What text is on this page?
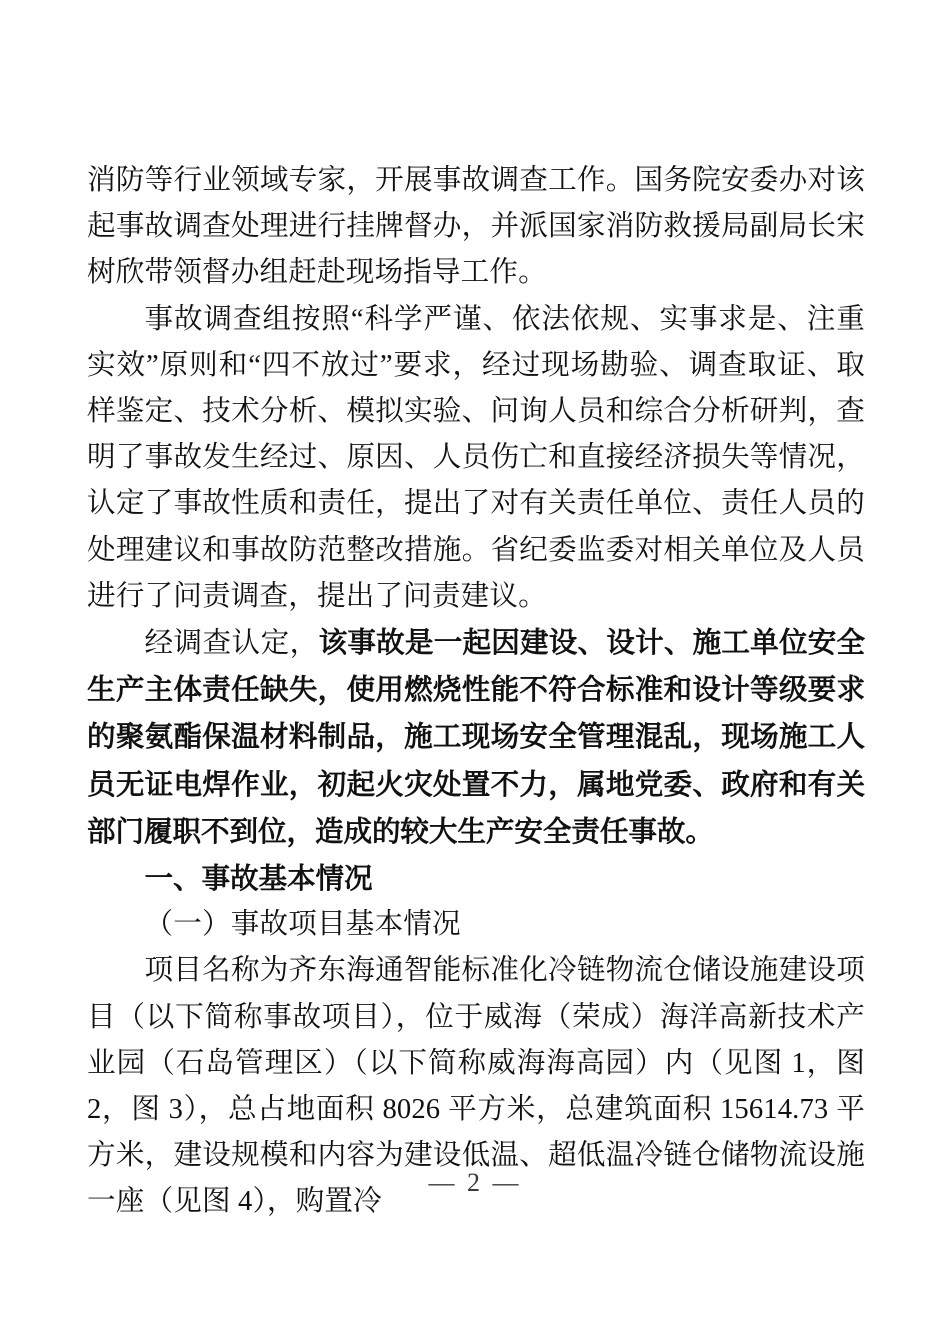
消防等行业领域专家，开展事故调查工作。国务院安委办对该起事故调查处理进行挂牌督办，并派国家消防救援局副局长宋树欣带领督办组赶赴现场指导工作。

事故调查组按照“科学严谨、依法依规、实事求是、注重实效”原则和“四不放过”要求，经过现场勘验、调查取证、取样鉴定、技术分析、模拟实验、问询人员和综合分析研判，查明了事故发生经过、原因、人员伤亡和直接经济损失等情况，认定了事故性质和责任，提出了对有关责任单位、责任人员的处理建议和事故防范整改措施。省纪委监委对相关单位及人员进行了问责调查，提出了问责建议。

经调查认定，该事故是一起因建设、设计、施工单位安全生产主体责任缺失，使用燃烧性能不符合标准和设计等级要求的聚氨酯保温材料制品，施工现场安全管理混乱，现场施工人员无证电焊作业，初起火灾处置不力，属地党委、政府和有关部门履职不到位，造成的较大生产安全责任事故。

一、事故基本情况

（一）事故项目基本情况

项目名称为齐东海通智能标准化冷链物流仓储设施建设项目（以下简称事故项目），位于威海（荣成）海洋高新技术产业园（石岛管理区）（以下简称威海海高园）内（见图 1，图 2，图 3），总占地面积 8026 平方米，总建筑面积 15614.73 平方米，建设规模和内容为建设低温、超低温冷链仓储物流设施一座（见图 4），购置冷

— 2 —
